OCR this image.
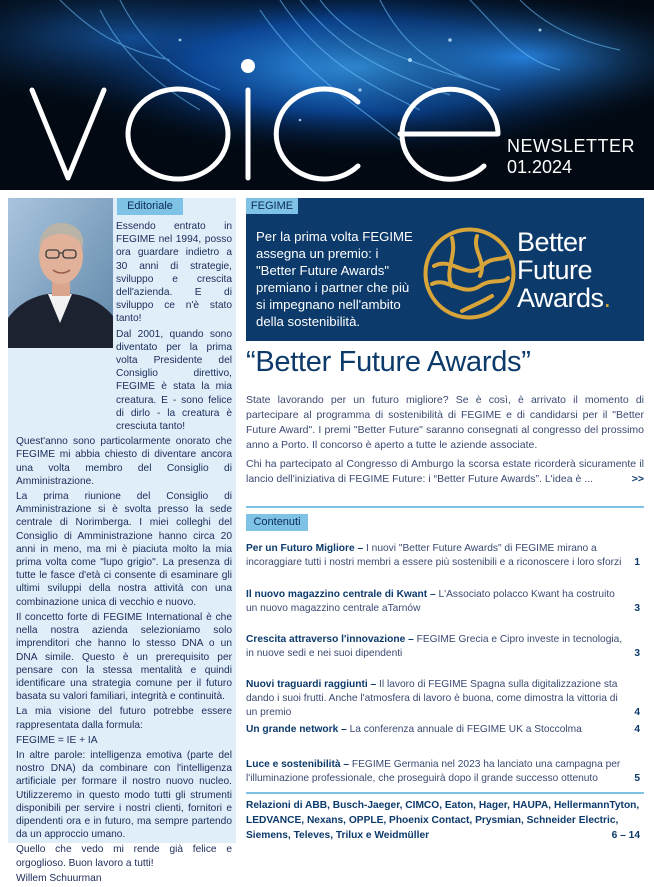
NEWSLETTER
01.2024
Editoriale

Essendo entrato in FEGIME nel 1994, posso ora guardare indietro a 30 anni di strategie, sviluppo e crescita dell'azienda. E di sviluppo ce n'è stato tanto!

Dal 2001, quando sono diventato per la prima volta Presidente del Consiglio direttivo, FEGIME è stata la mia creatura. E - sono felice di dirlo - la creatura è cresciuta tanto!

Quest'anno sono particolarmente onorato che FEGIME mi abbia chiesto di diventare ancora una volta membro del Consiglio di Amministrazione.

La prima riunione del Consiglio di Amministrazione si è svolta presso la sede centrale di Norimberga. I miei colleghi del Consiglio di Amministrazione hanno circa 20 anni in meno, ma mi è piaciuta molto la mia prima volta come "lupo grigio". La presenza di tutte le fasce d'età ci consente di esaminare gli ultimi sviluppi della nostra attività con una combinazione unica di vecchio e nuovo.

Il concetto forte di FEGIME International è che nella nostra azienda selezioniamo solo imprenditori che hanno lo stesso DNA o un DNA simile. Questo è un prerequisito per pensare con la stessa mentalità e quindi identificare una strategia comune per il futuro basata su valori familiari, integrità e continuità.

La mia visione del futuro potrebbe essere rappresentata dalla formula:

FEGIME = IE + IA

In altre parole: intelligenza emotiva (parte del nostro DNA) da combinare con l'intelligenza artificiale per formare il nostro nuovo nucleo. Utilizzeremo in questo modo tutti gli strumenti disponibili per servire i nostri clienti, fornitori e dipendenti ora e in futuro, ma sempre partendo da un approccio umano.

Quello che vedo mi rende già felice e orgoglioso. Buon lavoro a tutti!

Willem Schuurman

Per la prima volta FEGIME assegna un premio: i "Better Future Awards" premiano i partner che più si impegnano nell'ambito della sostenibilità.
Better
Future
Awards.
FEGIME
“Better Future Awards”

State lavorando per un futuro migliore? Se è così, è arrivato il momento di partecipare al programma di sostenibilità di FEGIME e di candidarsi per il "Better Future Award". I premi "Better Future" saranno consegnati al congresso del prossimo anno a Porto. Il concorso è aperto a tutte le aziende associate.

Chi ha partecipato al Congresso di Amburgo la scorsa estate ricorderà sicuramente il lancio dell'iniziativa di FEGIME Future: i “Better Future Awards”. L'idea è ...	>>

Contenuti
Per un Futuro Migliore – I nuovi "Better Future Awards" di FEGIME mirano a incoraggiare tutti i nostri membri a essere più sostenibili e a riconoscere i loro sforzi 1
Il nuovo magazzino centrale di Kwant – L'Associato polacco Kwant ha costruito un nuovo magazzino centrale aTarnów	3
Crescita attraverso l'innovazione – FEGIME Grecia e Cipro investe in tecnologia, in nuove sedi e nei suoi dipendenti	3
Nuovi traguardi raggiunti – Il lavoro di FEGIME Spagna sulla digitalizzazione sta dando i suoi frutti. Anche l'atmosfera di lavoro è buona, come dimostra la vittoria di un premio	4
Un grande network – La conferenza annuale di FEGIME UK a Stoccolma	4
Luce e sostenibilità – FEGIME Germania nel 2023 ha lanciato una campagna per l'illuminazione professionale, che proseguirà dopo il grande successo ottenuto	5
Relazioni di ABB, Busch-Jaeger, CIMCO, Eaton, Hager, HAUPA, HellermannTyton, LEDVANCE, Nexans, OPPLE, Phoenix Contact, Prysmian, Schneider Electric, Siemens, Televes, Trilux e Weidmüller	6 – 14
